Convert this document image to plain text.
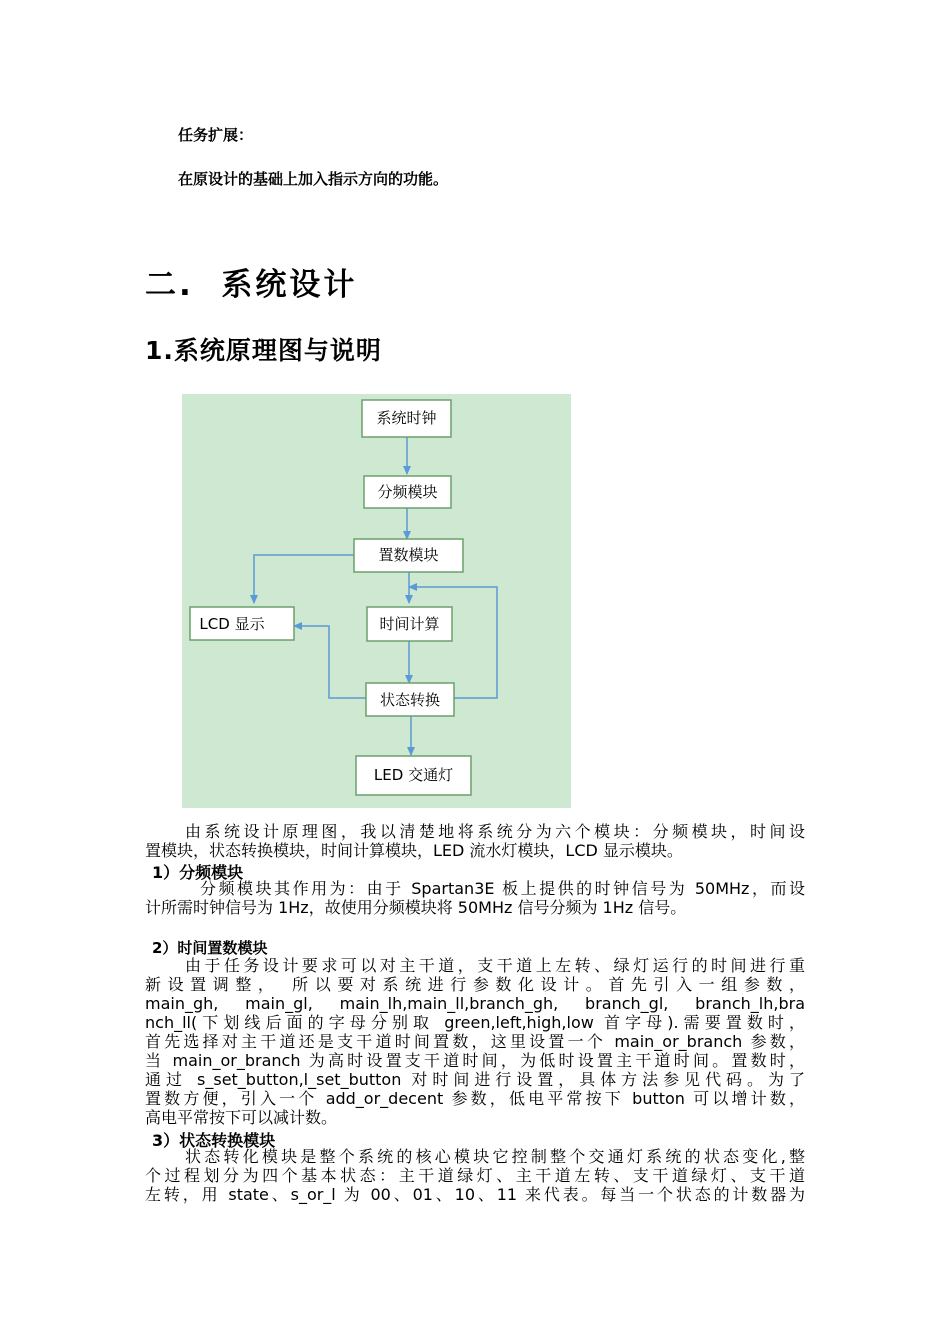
任务扩展：
在原设计的基础上加入指示方向的功能。
二.  系统设计
1.系统原理图与说明
系统时钟
分频模块
置数模块
LCD 显示	时间计算
状态转换
LED 交通灯
由系统设计原理图，我以清楚地将系统分为六个模块：分频模块，时间设
置模块，状态转换模块，时间计算模块，LED 流水灯模块，LCD 显示模块。
1）分频模块
分频模块其作用为：由于 Spartan3E 板上提供的时钟信号为 50MHz，而设
计所需时钟信号为 1Hz，故使用分频模块将 50MHz 信号分频为 1Hz 信号。
2）时间置数模块
由于任务设计要求可以对主干道，支干道上左转、绿灯运行的时间进行重
新设置调整， 所以要对系统进行参数化设计。首先引入一组参数，
main_gh, main_gl, main_lh,main_ll,branch_gh, branch_gl, branch_lh,bra
nch_ll(下划线后面的字母分别取 green,left,high,low 首字母).需要置数时，
首先选择对主干道还是支干道时间置数，这里设置一个 main_or_branch 参数，
当 main_or_branch 为高时设置支干道时间，为低时设置主干道时间。置数时，
通过 s_set_button,l_set_button 对时间进行设置，具体方法参见代码。为了
置数方便，引入一个 add_or_decent 参数，低电平常按下 button 可以增计数，
高电平常按下可以减计数。
3）状态转换模块
状态转化模块是整个系统的核心模块它控制整个交通灯系统的状态变化,整
个过程划分为四个基本状态：主干道绿灯、主干道左转、支干道绿灯、支干道
左转，用 state、s_or_l 为 00、01、10、11 来代表。每当一个状态的计数器为
